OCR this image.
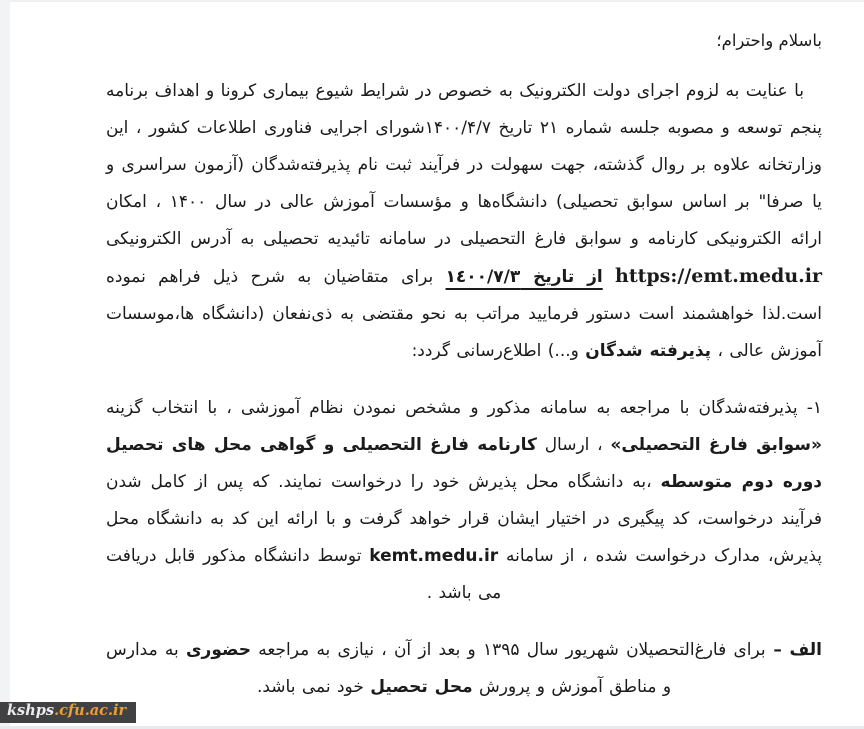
باسلام واحترام؛

با عنایت به لزوم اجرای دولت الکترونیک به خصوص در شرایط شیوع بیماری کرونا و اهداف برنامه پنجم توسعه و مصوبه جلسه شماره ۲۱ تاریخ ۱۴۰۰/۴/۷شورای اجرایی فناوری اطلاعات کشور ، این وزارتخانه علاوه بر روال گذشته، جهت سهولت در فرآیند ثبت نام پذیرفته‌شدگان (آزمون سراسری و یا صرفا" بر اساس سوابق تحصیلی) دانشگاه‌ها و مؤسسات آموزش عالی در سال ۱۴۰۰ ، امکان ارائه الکترونیکی کارنامه و سوابق فارغ التحصیلی در سامانه تائیدیه تحصیلی به آدرس الکترونیکی https://emt.medu.ir از تاریخ ۱٤۰۰/۷/۳ برای متقاضیان به شرح ذیل فراهم نموده است.لذا خواهشمند است دستور فرمایید مراتب به نحو مقتضی به ذی‌نفعان (دانشگاه ها،موسسات آموزش عالی ، پذیرفته شدگان و...) اطلاع‌رسانی گردد:

۱- پذیرفته‌شدگان با مراجعه به سامانه مذکور و مشخص نمودن نظام آموزشی ، با انتخاب گزینه «سوابق فارغ التحصیلی» ، ارسال کارنامه فارغ التحصیلی و گواهی محل های تحصیل دوره دوم متوسطه ،به دانشگاه محل پذیرش خود را درخواست نمایند. که پس از کامل شدن فرآیند درخواست، کد پیگیری در اختیار ایشان قرار خواهد گرفت و با ارائه این کد به دانشگاه محل پذیرش، مدارک درخواست شده ، از سامانه kemt.medu.ir توسط دانشگاه مذکور قابل دریافت می باشد .

الف – برای فارغ‌التحصیلان شهریور سال ۱۳۹۵ و بعد از آن ، نیازی به مراجعه حضوری به مدارس و مناطق آموزش و پرورش محل تحصیل خود نمی باشد.

kshps.cfu.ac.ir
